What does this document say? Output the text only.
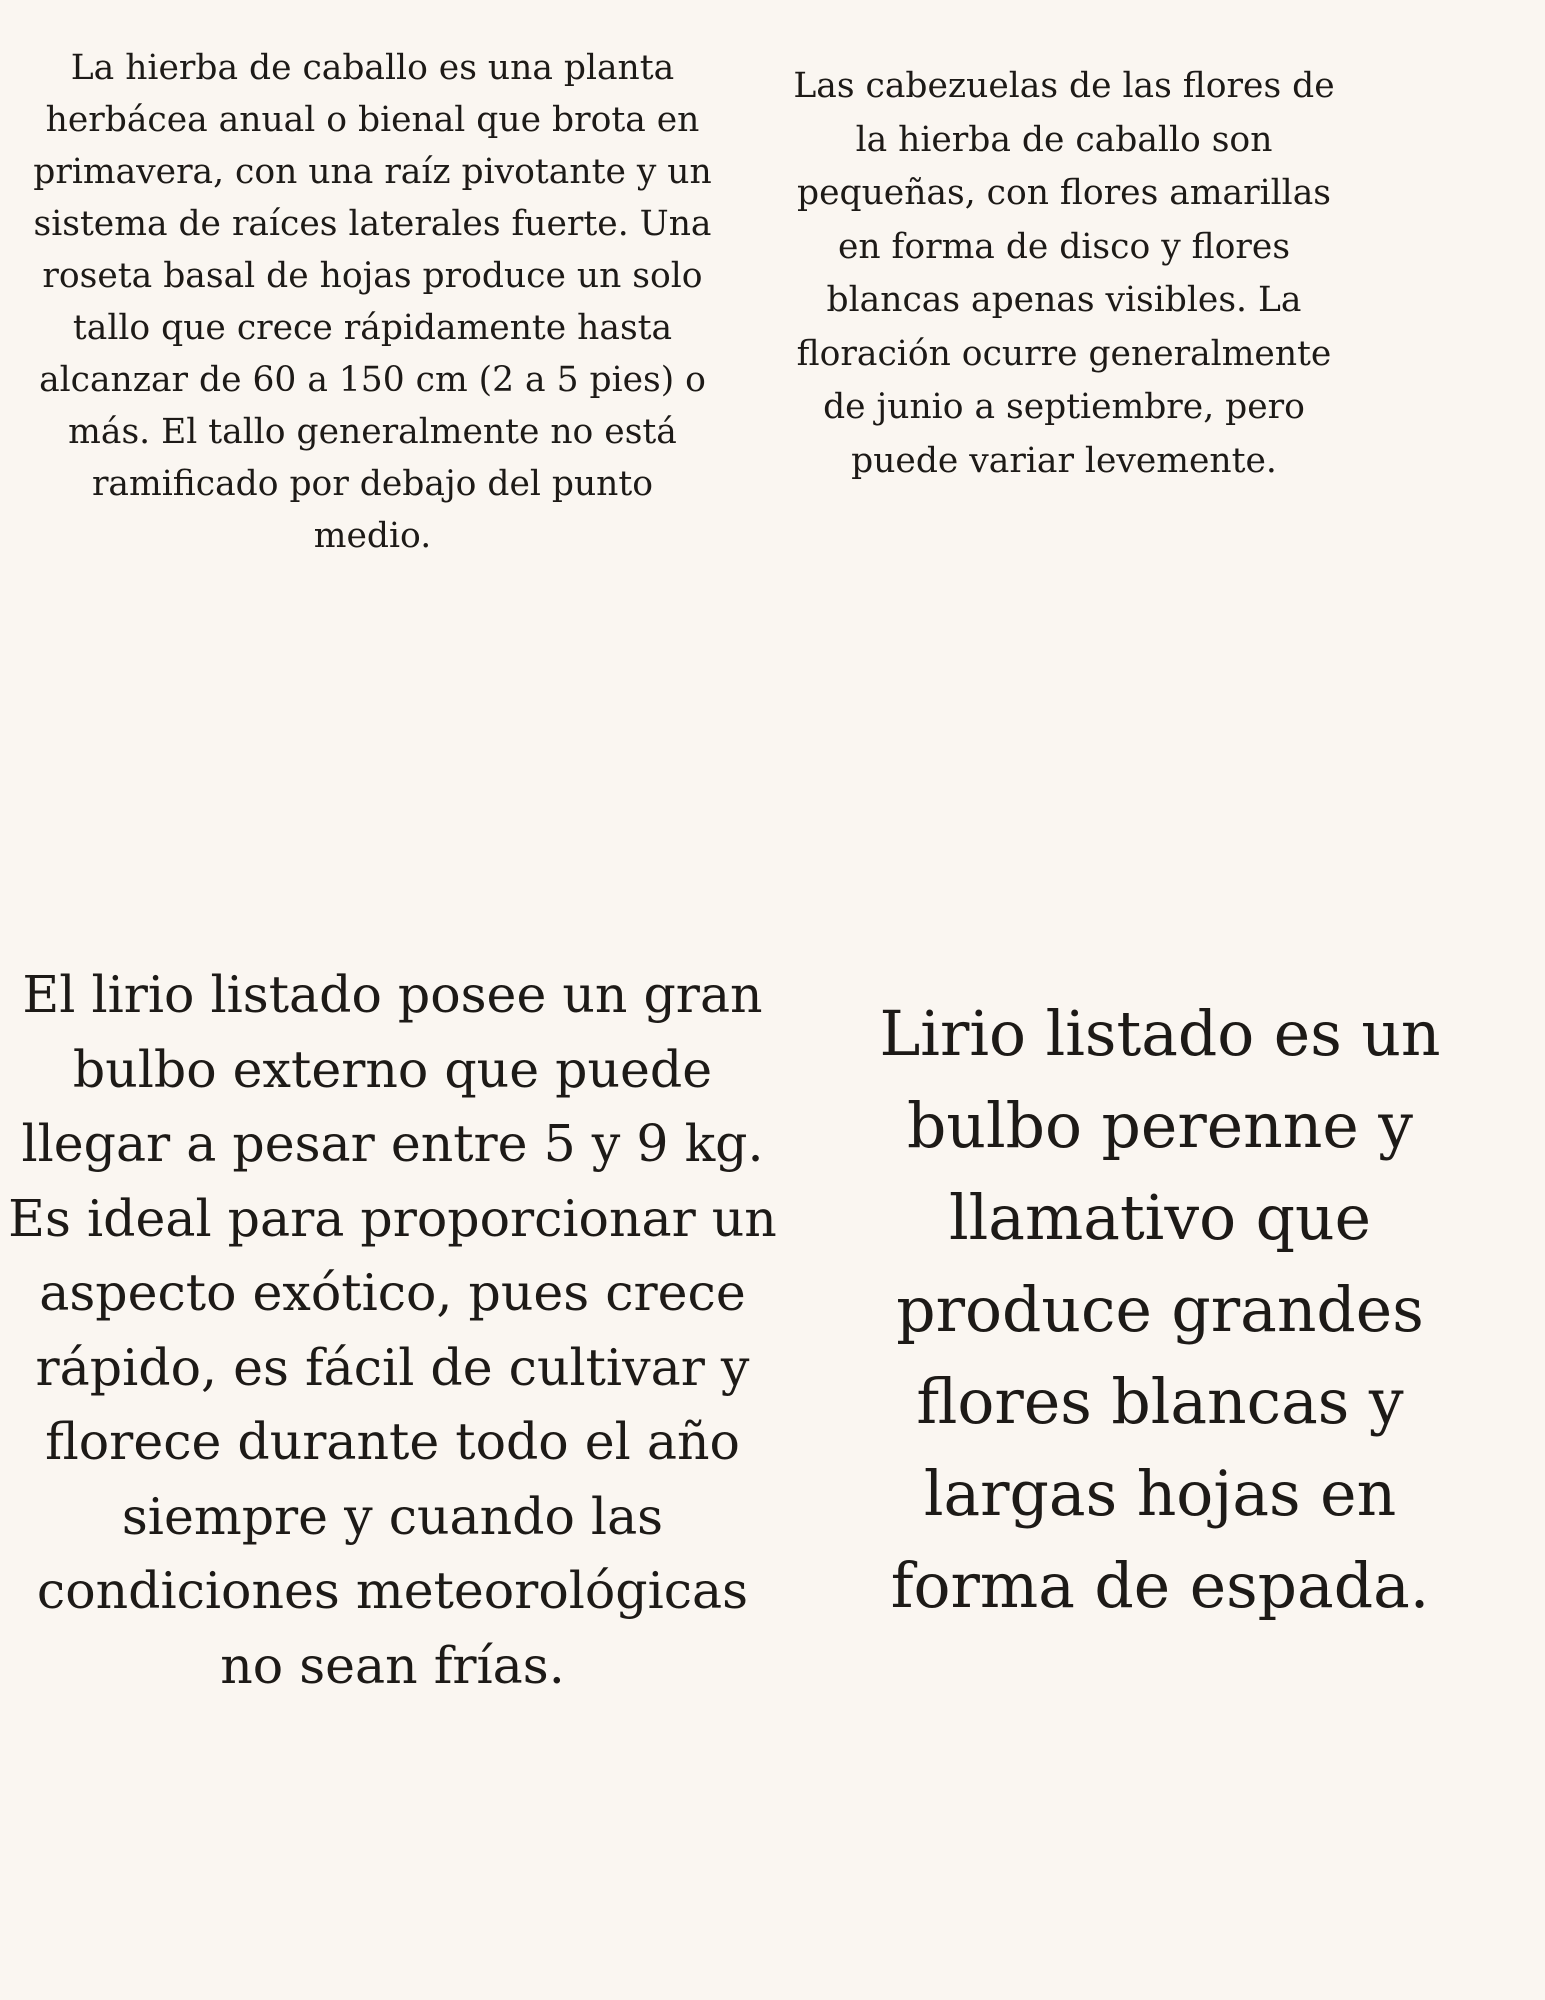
La hierba de caballo es una planta herbácea anual o bienal que brota en primavera, con una raíz pivotante y un sistema de raíces laterales fuerte. Una roseta basal de hojas produce un solo tallo que crece rápidamente hasta alcanzar de 60 a 150 cm (2 a 5 pies) o más. El tallo generalmente no está ramificado por debajo del punto medio.

Las cabezuelas de las flores de la hierba de caballo son pequeñas, con flores amarillas en forma de disco y flores blancas apenas visibles. La floración ocurre generalmente de junio a septiembre, pero puede variar levemente.

El lirio listado posee un gran bulbo externo que puede llegar a pesar entre 5 y 9 kg. Es ideal para proporcionar un aspecto exótico, pues crece rápido, es fácil de cultivar y florece durante todo el año siempre y cuando las condiciones meteorológicas no sean frías.

Lirio listado es un bulbo perenne y llamativo que produce grandes flores blancas y largas hojas en forma de espada.
